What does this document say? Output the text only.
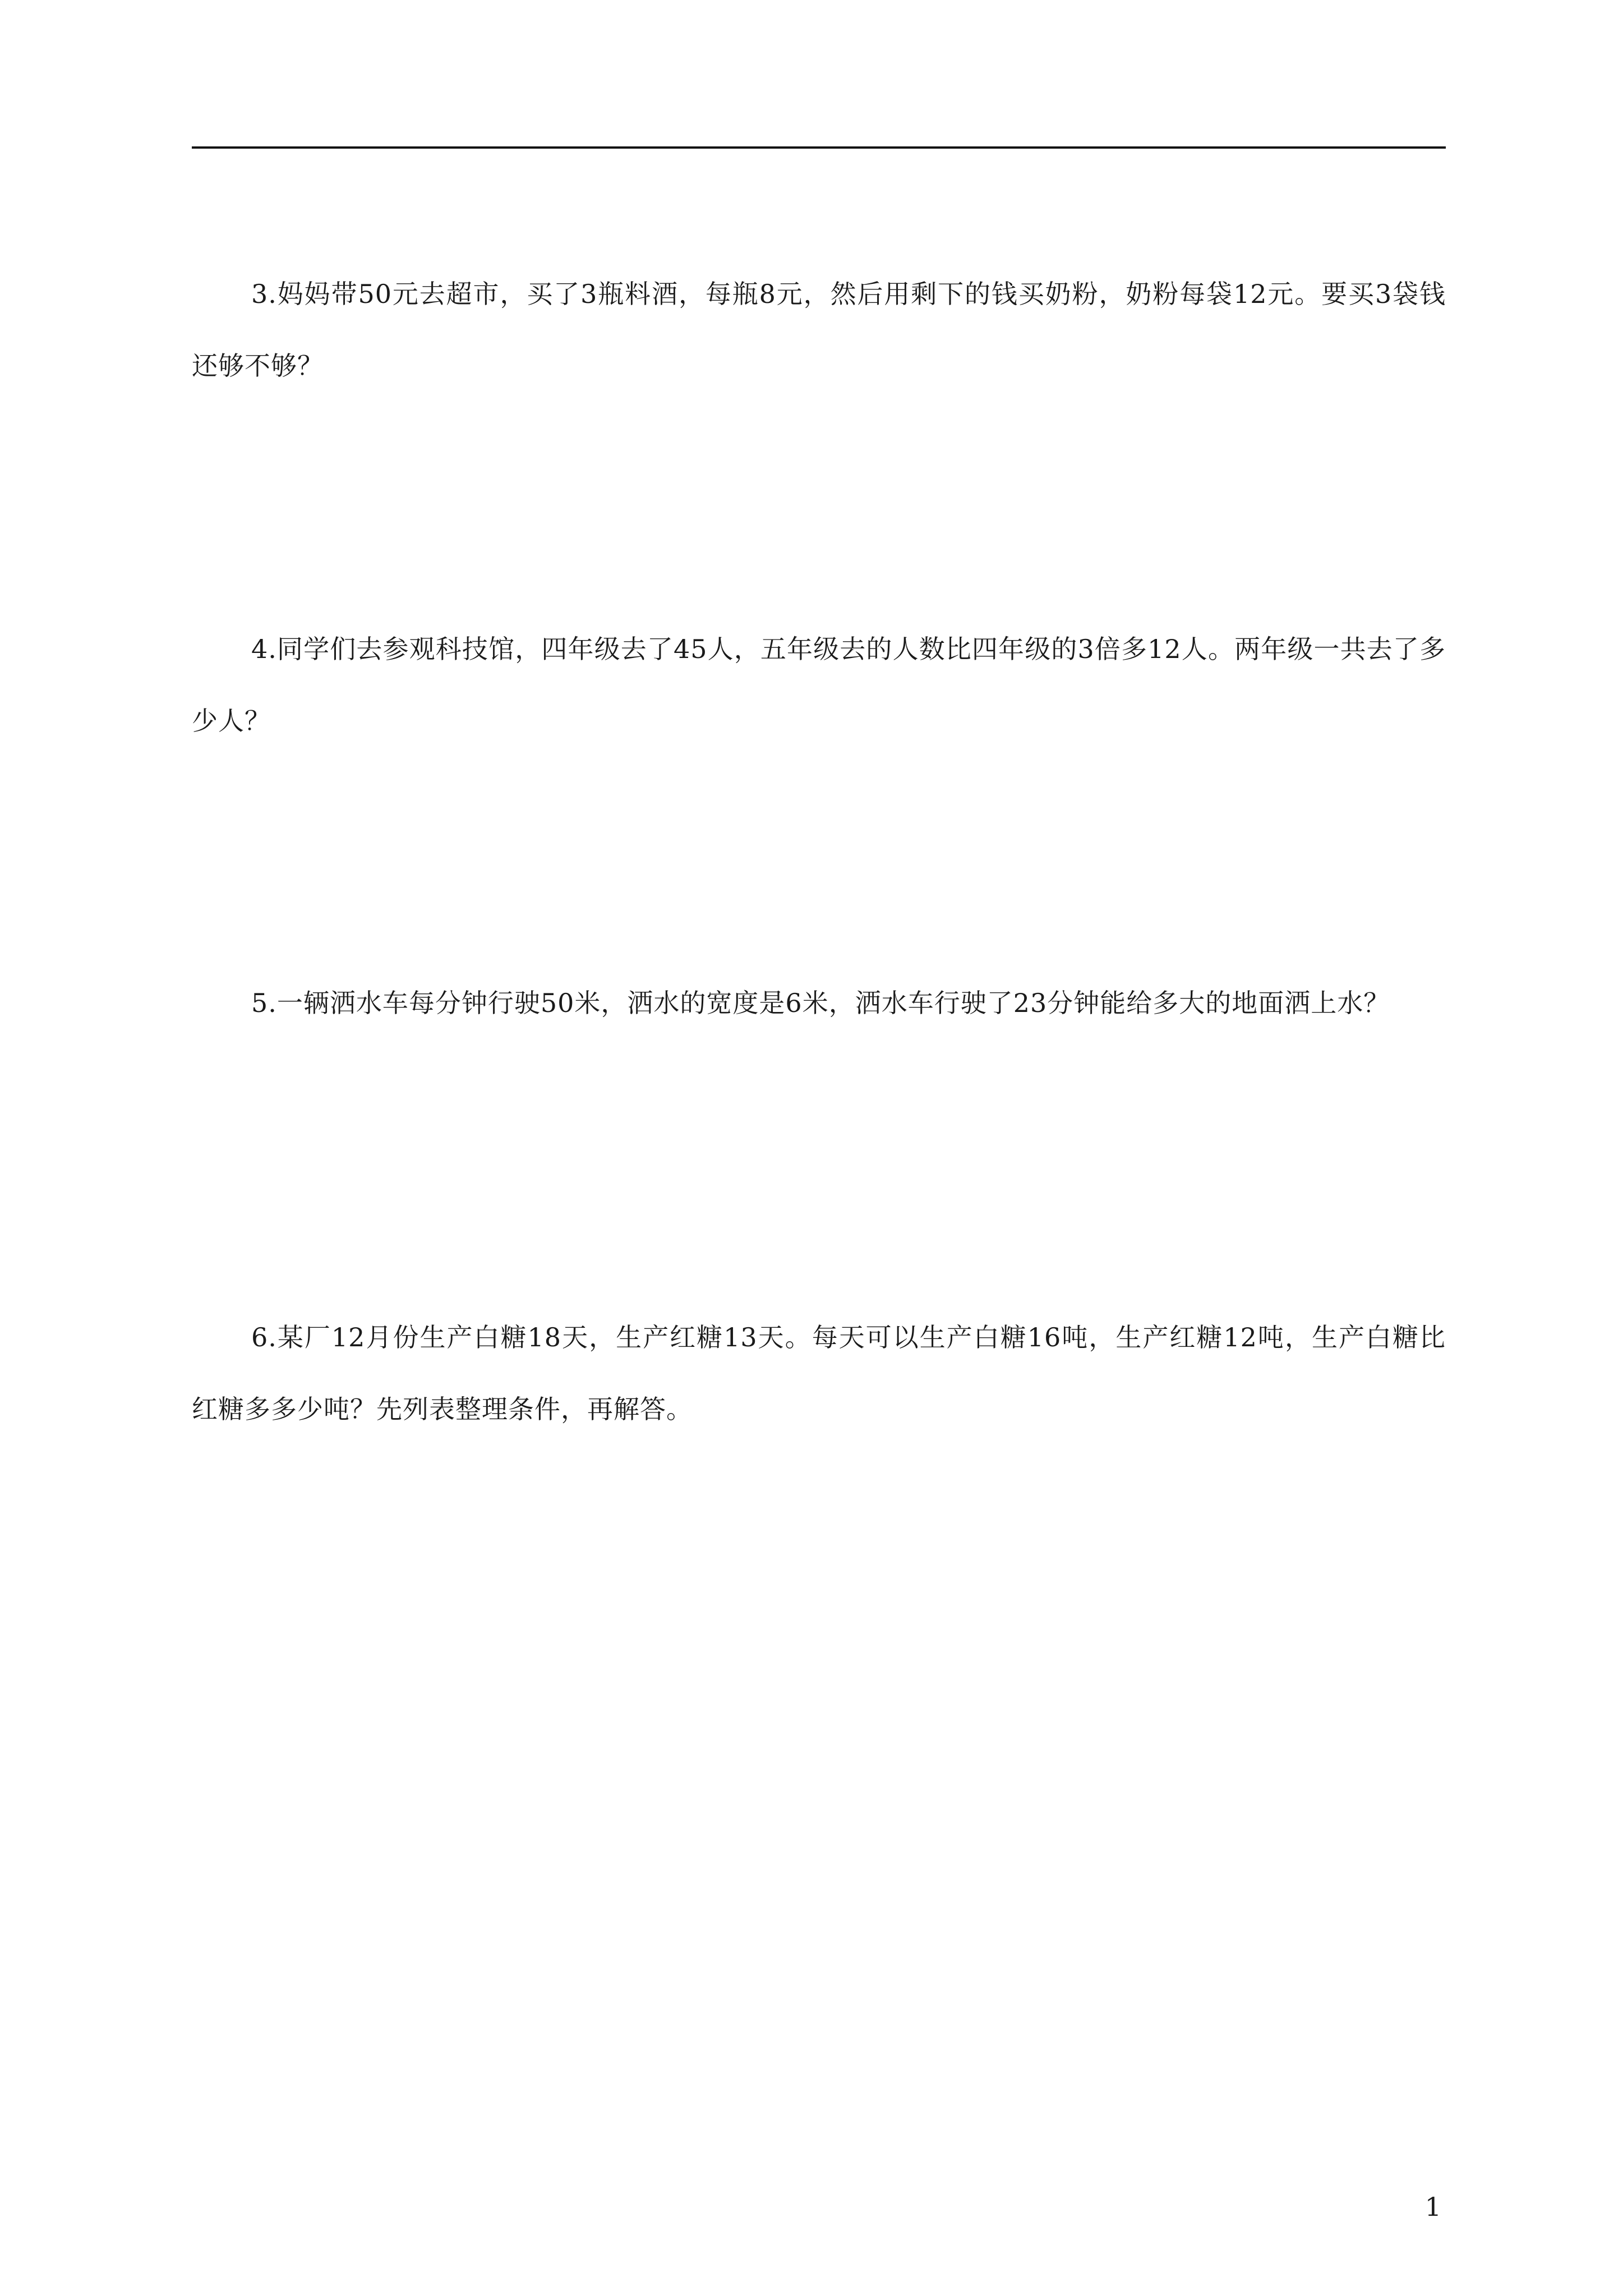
3.妈妈带50元去超市，买了3瓶料酒，每瓶8元，然后用剩下的钱买奶粉，奶粉每袋12元。要买3袋钱还够不够？

4.同学们去参观科技馆，四年级去了45人，五年级去的人数比四年级的3倍多12人。两年级一共去了多少人？

5.一辆洒水车每分钟行驶50米，洒水的宽度是6米，洒水车行驶了23分钟能给多大的地面洒上水？

6.某厂12月份生产白糖18天，生产红糖13天。每天可以生产白糖16吨，生产红糖12吨，生产白糖比红糖多多少吨？先列表整理条件，再解答。

1
